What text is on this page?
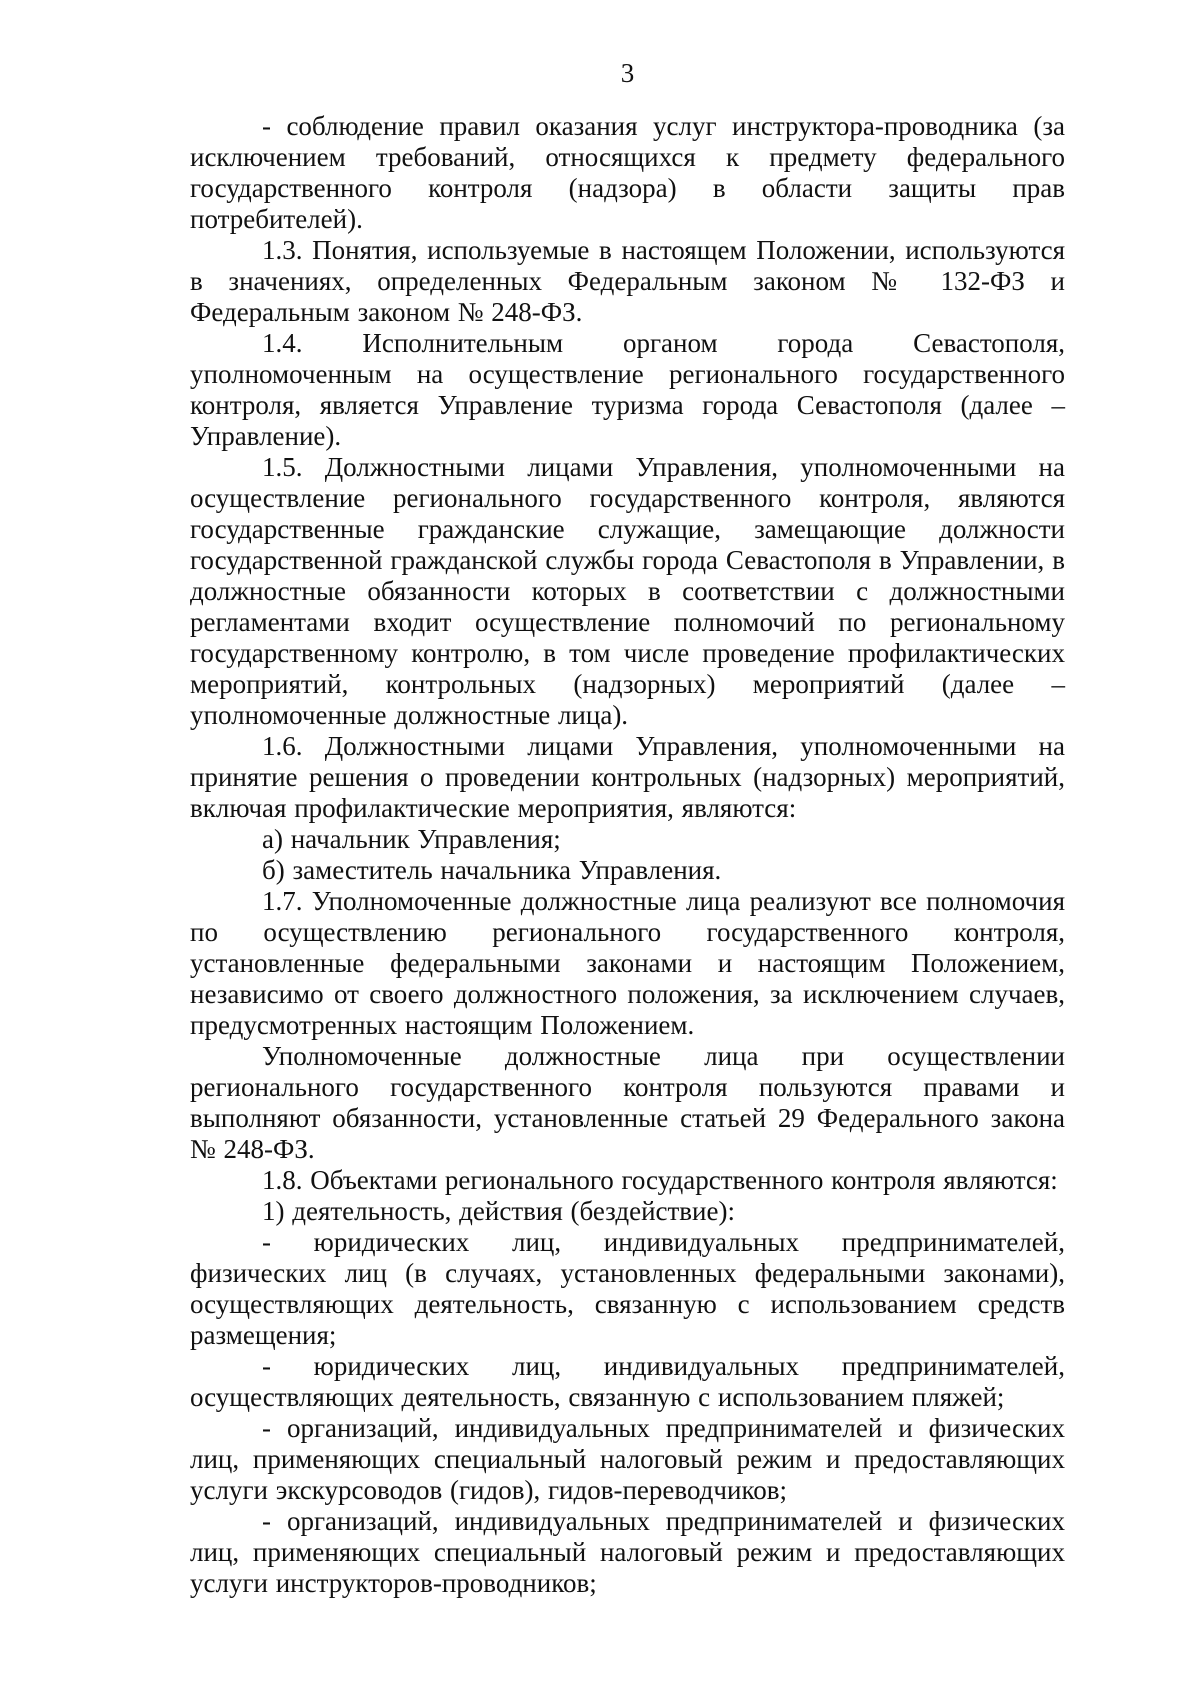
3

- соблюдение правил оказания услуг инструктора-проводника (за исключением требований, относящихся к предмету федерального государственного контроля (надзора) в области защиты прав потребителей).

1.3. Понятия, используемые в настоящем Положении, используются в значениях, определенных Федеральным законом № 132-ФЗ и Федеральным законом № 248-ФЗ.

1.4. Исполнительным органом города Севастополя, уполномоченным на осуществление регионального государственного контроля, является Управление туризма города Севастополя (далее – Управление).

1.5. Должностными лицами Управления, уполномоченными на осуществление регионального государственного контроля, являются государственные гражданские служащие, замещающие должности государственной гражданской службы города Севастополя в Управлении, в должностные обязанности которых в соответствии с должностными регламентами входит осуществление полномочий по региональному государственному контролю, в том числе проведение профилактических мероприятий, контрольных (надзорных) мероприятий (далее – уполномоченные должностные лица).

1.6. Должностными лицами Управления, уполномоченными на принятие решения о проведении контрольных (надзорных) мероприятий, включая профилактические мероприятия, являются:

а) начальник Управления;

б) заместитель начальника Управления.

1.7. Уполномоченные должностные лица реализуют все полномочия по осуществлению регионального государственного контроля, установленные федеральными законами и настоящим Положением, независимо от своего должностного положения, за исключением случаев, предусмотренных настоящим Положением.

Уполномоченные должностные лица при осуществлении регионального государственного контроля пользуются правами и выполняют обязанности, установленные статьей 29 Федерального закона № 248-ФЗ.

1.8. Объектами регионального государственного контроля являются:

1) деятельность, действия (бездействие):

- юридических лиц, индивидуальных предпринимателей, физических лиц (в случаях, установленных федеральными законами), осуществляющих деятельность, связанную с использованием средств размещения;

- юридических лиц, индивидуальных предпринимателей, осуществляющих деятельность, связанную с использованием пляжей;

- организаций, индивидуальных предпринимателей и физических лиц, применяющих специальный налоговый режим и предоставляющих услуги экскурсоводов (гидов), гидов-переводчиков;

- организаций, индивидуальных предпринимателей и физических лиц, применяющих специальный налоговый режим и предоставляющих услуги инструкторов-проводников;
